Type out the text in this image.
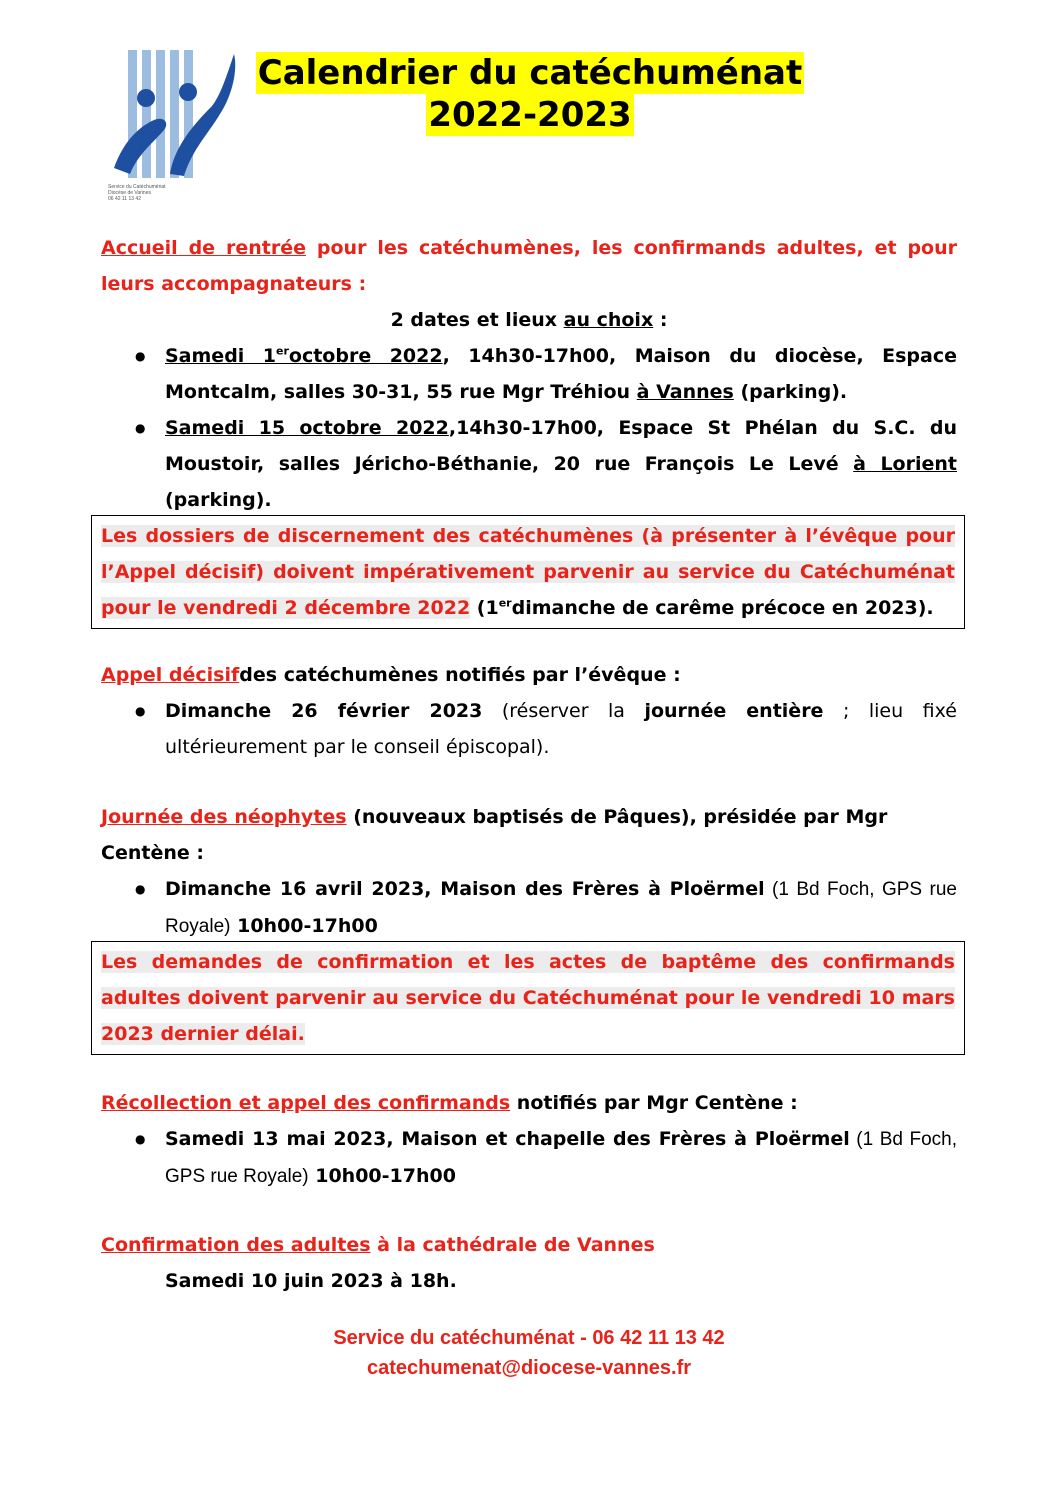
Service du Catéchuménat
Diocèse de Vannes
06 42 11 13 42
Calendrier du catéchuménat
2022-2023
Accueil de rentrée pour les catéchumènes, les confirmands adultes, et pour leurs accompagnateurs :
2 dates et lieux au choix :
● Samedi 1eroctobre 2022, 14h30-17h00, Maison du diocèse, Espace Montcalm, salles 30-31, 55 rue Mgr Tréhiou à Vannes (parking).
● Samedi 15 octobre 2022,14h30-17h00, Espace St Phélan du S.C. du Moustoir, salles Jéricho-Béthanie, 20 rue François Le Levé à Lorient (parking).
Les dossiers de discernement des catéchumènes (à présenter à l’évêque pour l’Appel décisif) doivent impérativement parvenir au service du Catéchuménat pour le vendredi 2 décembre 2022 (1erdimanche de carême précoce en 2023).
Appel décisifdes catéchumènes notifiés par l’évêque :
● Dimanche 26 février 2023 (réserver la journée entière ; lieu fixé ultérieurement par le conseil épiscopal).
Journée des néophytes (nouveaux baptisés de Pâques), présidée par Mgr Centène :
● Dimanche 16 avril 2023, Maison des Frères à Ploërmel (1 Bd Foch, GPS rue Royale) 10h00-17h00
Les demandes de confirmation et les actes de baptême des confirmands adultes doivent parvenir au service du Catéchuménat pour le vendredi 10 mars 2023 dernier délai.
Récollection et appel des confirmands notifiés par Mgr Centène :
● Samedi 13 mai 2023, Maison et chapelle des Frères à Ploërmel (1 Bd Foch, GPS rue Royale) 10h00-17h00
Confirmation des adultes à la cathédrale de Vannes
Samedi 10 juin 2023 à 18h.
Service du catéchuménat - 06 42 11 13 42
catechumenat@diocese-vannes.fr
